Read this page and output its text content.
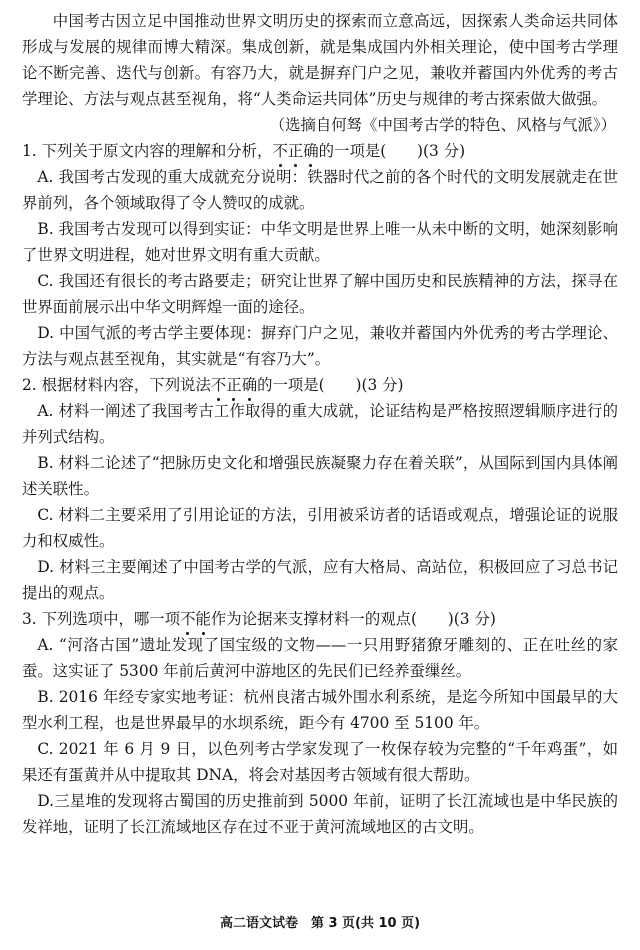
中国考古因立足中国推动世界文明历史的探索而立意高远，因探索人类命运共同体形成与发展的规律而博大精深。集成创新，就是集成国内外相关理论，使中国考古学理论不断完善、迭代与创新。有容乃大，就是摒弃门户之见，兼收并蓄国内外优秀的考古学理论、方法与观点甚至视角，将“人类命运共同体”历史与规律的考古探索做大做强。

（选摘自何驽《中国考古学的特色、风格与气派》）

1. 下列关于原文内容的理解和分析，不正确的一项是(　　)(3 分)

A. 我国考古发现的重大成就充分说明：铁器时代之前的各个时代的文明发展就走在世界前列，各个领域取得了令人赞叹的成就。

B. 我国考古发现可以得到实证：中华文明是世界上唯一从未中断的文明，她深刻影响了世界文明进程，她对世界文明有重大贡献。

C. 我国还有很长的考古路要走；研究让世界了解中国历史和民族精神的方法，探寻在世界面前展示出中华文明辉煌一面的途径。

D. 中国气派的考古学主要体现：摒弃门户之见，兼收并蓄国内外优秀的考古学理论、方法与观点甚至视角，其实就是“有容乃大”。

2. 根据材料内容，下列说法不正确的一项是(　　)(3 分)

A. 材料一阐述了我国考古工作取得的重大成就，论证结构是严格按照逻辑顺序进行的并列式结构。

B. 材料二论述了“把脉历史文化和增强民族凝聚力存在着关联”，从国际到国内具体阐述关联性。

C. 材料二主要采用了引用论证的方法，引用被采访者的话语或观点，增强论证的说服力和权威性。

D. 材料三主要阐述了中国考古学的气派，应有大格局、高站位，积极回应了习总书记提出的观点。

3. 下列选项中，哪一项不能作为论据来支撑材料一的观点(　　)(3 分)

A. “河洛古国”遗址发现了国宝级的文物——一只用野猪獠牙雕刻的、正在吐丝的家蚕。这实证了 5300 年前后黄河中游地区的先民们已经养蚕缫丝。

B. 2016 年经专家实地考证：杭州良渚古城外围水利系统，是迄今所知中国最早的大型水利工程，也是世界最早的水坝系统，距今有 4700 至 5100 年。

C. 2021 年 6 月 9 日，以色列考古学家发现了一枚保存较为完整的“千年鸡蛋”，如果还有蛋黄并从中提取其 DNA，将会对基因考古领域有很大帮助。

D.三星堆的发现将古蜀国的历史推前到 5000 年前，证明了长江流域也是中华民族的发祥地，证明了长江流域地区存在过不亚于黄河流域地区的古文明。

高二语文试卷　第 3 页(共 10 页)
